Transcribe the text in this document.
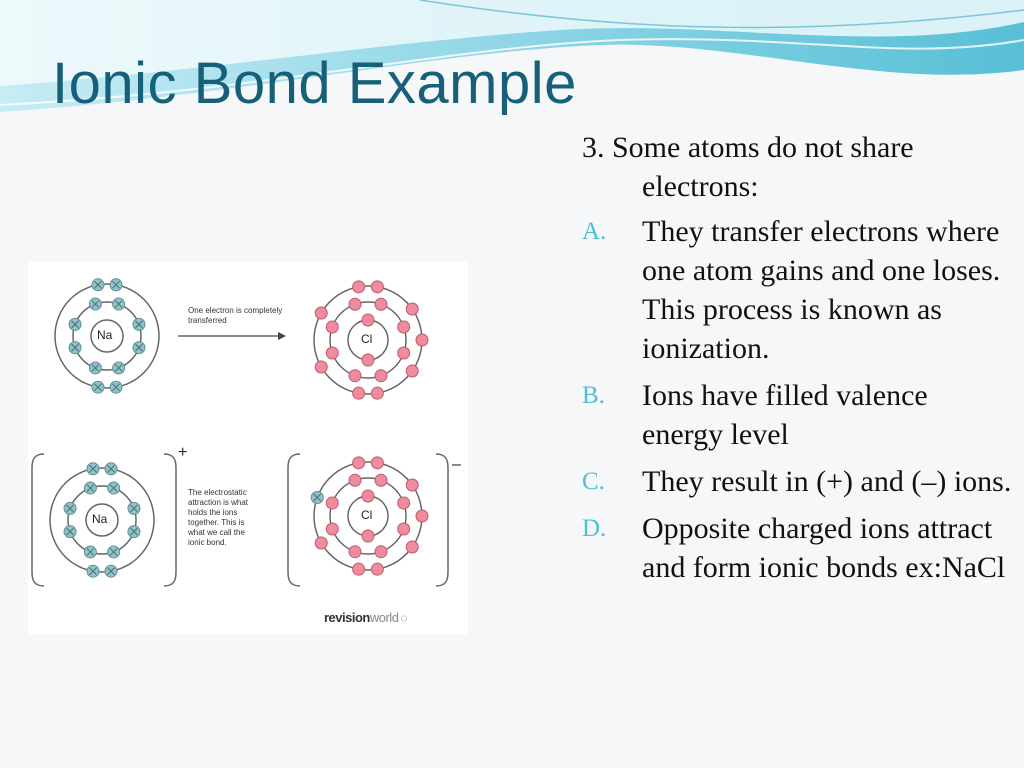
Ionic Bond Example
One electron is completely transferred
The electrostatic attraction is what holds the ions together. This is what we call the ionic bond.
Na	Cl
Na	Cl
+
–
revisionworld ◌

3. Some atoms do not share electrons:

A.	They transfer electrons where one atom gains and one loses. This process is known as ionization.
B.	Ions have filled valence energy level
C.	They result in (+) and (–) ions.
D.	Opposite charged ions attract and form ionic bonds ex:NaCl
